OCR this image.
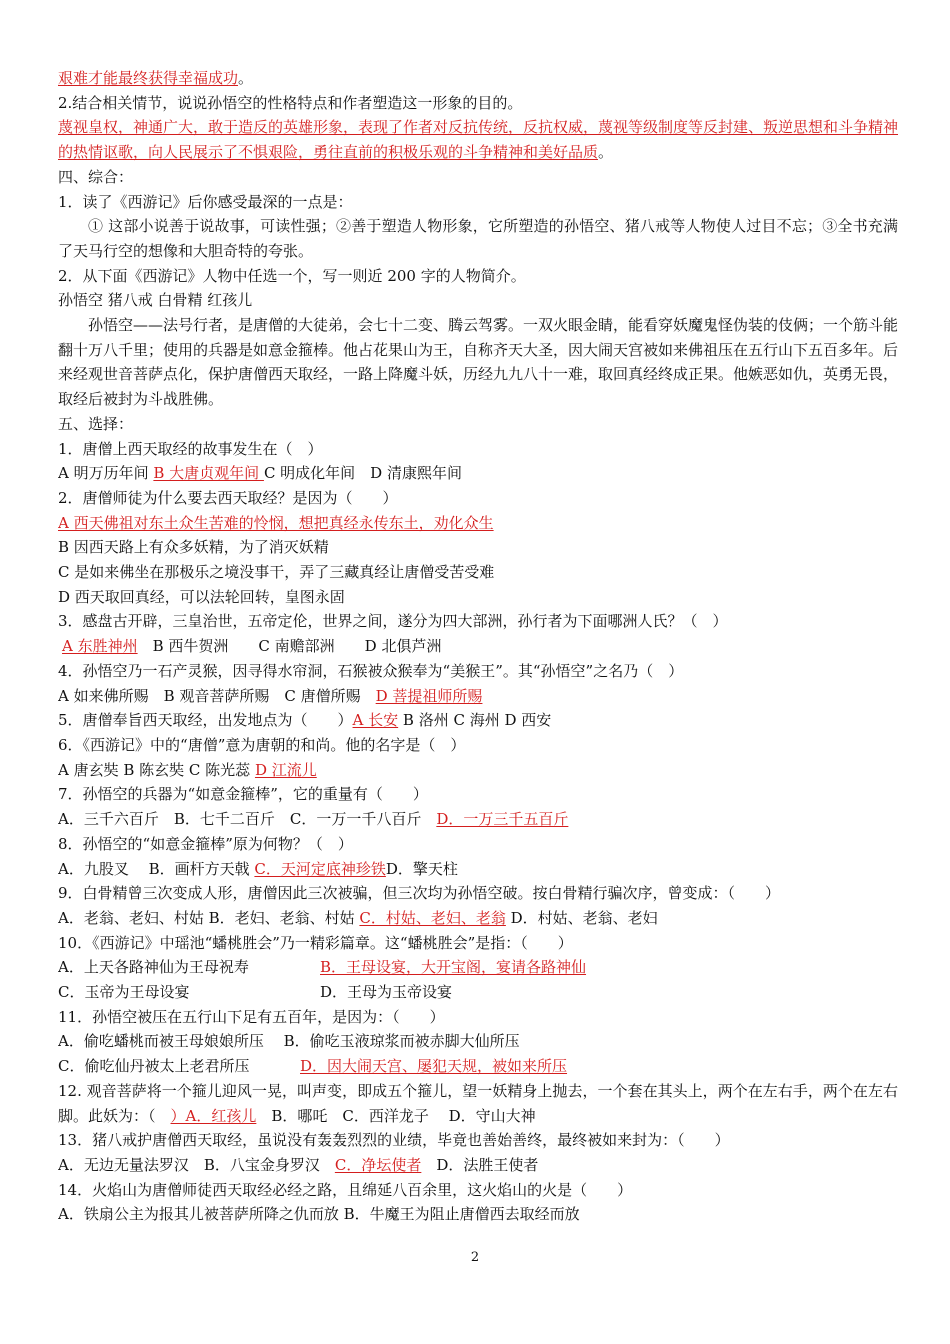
艰难才能最终获得幸福成功。
2.结合相关情节，说说孙悟空的性格特点和作者塑造这一形象的目的。
蔑视皇权，神通广大，敢于造反的英雄形象，表现了作者对反抗传统，反抗权威，蔑视等级制度等反封建、叛逆思想和斗争精神的热情讴歌，向人民展示了不惧艰险，勇往直前的积极乐观的斗争精神和美好品质。
四、综合：
1．读了《西游记》后你感受最深的一点是：
① 这部小说善于说故事，可读性强；②善于塑造人物形象，它所塑造的孙悟空、猪八戒等人物使人过目不忘；③全书充满了天马行空的想像和大胆奇特的夸张。
2．从下面《西游记》人物中任选一个，写一则近 200 字的人物简介。
孙悟空 猪八戒 白骨精 红孩儿
孙悟空——法号行者，是唐僧的大徒弟，会七十二变、腾云驾雾。一双火眼金睛，能看穿妖魔鬼怪伪装的伎俩；一个筋斗能翻十万八千里；使用的兵器是如意金箍棒。他占花果山为王，自称齐天大圣，因大闹天宫被如来佛祖压在五行山下五百多年。后来经观世音菩萨点化，保护唐僧西天取经，一路上降魔斗妖，历经九九八十一难，取回真经终成正果。他嫉恶如仇，英勇无畏，取经后被封为斗战胜佛。
五、选择：
1．唐僧上西天取经的故事发生在（　）
A 明万历年间 B 大唐贞观年间 C 明成化年间　D 清康熙年间
2．唐僧师徒为什么要去西天取经？是因为（　　）
A 西天佛祖对东土众生苦难的怜悯，想把真经永传东土，劝化众生
B 因西天路上有众多妖精，为了消灭妖精
C 是如来佛坐在那极乐之境没事干，弄了三藏真经让唐僧受苦受难
D 西天取回真经，可以法轮回转，皇图永固
3．感盘古开辟，三皇治世，五帝定伦，世界之间，遂分为四大部洲，孙行者为下面哪洲人氏？（　）
A 东胜神州　B 西牛贺洲　　C 南赡部洲　　D 北俱芦洲
4．孙悟空乃一石产灵猴，因寻得水帘洞，石猴被众猴奉为“美猴王”。其“孙悟空”之名乃（　）
A 如来佛所赐　B 观音菩萨所赐　C 唐僧所赐　D 菩提祖师所赐
5．唐僧奉旨西天取经，出发地点为（　　）A 长安 B 洛州 C 海州 D 西安
6．《西游记》中的“唐僧”意为唐朝的和尚。他的名字是（　）
A 唐玄奘 B 陈玄奘 C 陈光蕊 D 江流儿
7．孙悟空的兵器为“如意金箍棒”，它的重量有（　　）
A．三千六百斤　B．七千二百斤　C．一万一千八百斤　D．一万三千五百斤
8．孙悟空的“如意金箍棒”原为何物？（　）
A．九股叉　 B．画杆方天戟 C．天河定底神珍铁D．擎天柱
9．白骨精曾三次变成人形，唐僧因此三次被骗，但三次均为孙悟空破。按白骨精行骗次序，曾变成：（　　）
A．老翁、老妇、村姑 B．老妇、老翁、村姑 C．村姑、老妇、老翁 D．村姑、老翁、老妇
10．《西游记》中瑶池“蟠桃胜会”乃一精彩篇章。这“蟠桃胜会”是指：（　　）
A．上天各路神仙为王母祝寿	B．王母设宴，大开宝阁，宴请各路神仙
C．玉帝为王母设宴	D．王母为玉帝设宴
11．孙悟空被压在五行山下足有五百年，是因为：（　　）
A．偷吃蟠桃而被王母娘娘所压　 B．偷吃玉液琼浆而被赤脚大仙所压
C．偷吃仙丹被太上老君所压	D．因大闹天宫、屡犯天规，被如来所压
12. 观音菩萨将一个箍儿迎风一晃，叫声变，即成五个箍儿，望一妖精身上抛去，一个套在其头上，两个在左右手，两个在左右脚。此妖为：（　）A．红孩儿　B．哪吒　C．西洋龙子　 D．守山大神
13．猪八戒护唐僧西天取经，虽说没有轰轰烈烈的业绩，毕竟也善始善终，最终被如来封为：（　　）
A．无边无量法罗汉　B．八宝金身罗汉　C．净坛使者　D．法胜王使者
14．火焰山为唐僧师徒西天取经必经之路，且绵延八百余里，这火焰山的火是（　　）
A．铁扇公主为报其儿被菩萨所降之仇而放 B．牛魔王为阻止唐僧西去取经而放
2
